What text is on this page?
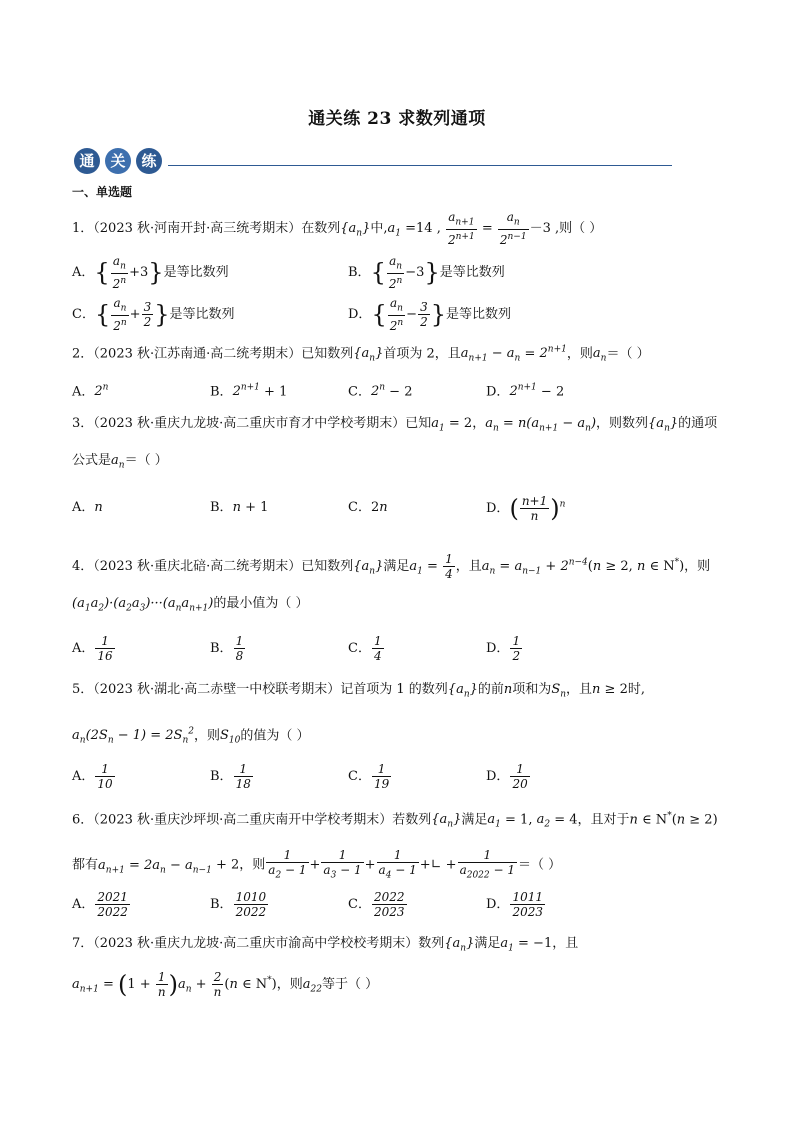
通关练 23 求数列通项
通 关 练
一、单选题
1．（2023 秋·河南开封·高三统考期末）在数列$\{a_n\}$中$,a_1 =14$ , $\frac{a_{n+1}}{2^{n+1}} = \frac{a_n}{2^{n-1}} -3$ ,则（ ）
A．{ $\frac{a_n}{2^n} +3$}是等比数列	B．{ $\frac{a_n}{2^n} -3$}是等比数列
C．{ $\frac{a_n}{2^n} + \frac{3}{2}$ }是等比数列	D．{ $\frac{a_n}{2^n} - \frac{3}{2}$ }是等比数列
2．（2023 秋·江苏南通·高二统考期末）已知数列$\{a_n\}$首项为 2，且$a_{n+1} - a_n = 2^{n+1}$，则$a_n=$（ ）
A．2$^n$	B．$2^{n+1} + 1$	C．$2^n - 2$	D．$2^{n+1} - 2$
3．（2023 秋·重庆九龙坡·高二重庆市育才中学校考期末）已知$a_1 = 2$，$a_n = n(a_{n+1} - a_n)$，则数列$\{a_n\}$的通项
公式是$a_n=$（ ）
A．n	B．n + 1	C．2n	D．( $\frac{n+1}{n} )^n$
4．（2023 秋·重庆北碚·高二统考期末）已知数列$\{a_n\}$满足$a_1 = \frac{1}{4}$ ，且$a_n = a_{n-1} + 2^{n-4}(n \ge 2$, n ∈ N*)，则
$(a_1a_2)\cdot(a_2a_3)\cdot\cdot\cdot(a_na_{n+1})$的最小值为（ ）
A． $\frac{1}{16}$	B． $\frac{1}{8}$	C． $\frac{1}{4}$	D． $\frac{1}{2}$
5．（2023 秋·湖北·高二赤壁一中校联考期末）记首项为 1 的数列$\{a_n\}$的前n项和为$S_n$，且n ≥ 2时,
$a_n(2S_n - 1) = 2S_n^2$，则$S_{10}$的值为（ ）
A． $\frac{1}{10}$	B． $\frac{1}{18}$	C． $\frac{1}{19}$	D． $\frac{1}{20}$
6．（2023 秋·重庆沙坪坝·高二重庆南开中学校考期末）若数列$\{a_n\}$满足$a_1 = 1$, $a_2 = 4$，且对于n ∈ N*(n ≥ 2)
都有$a_{n+1} = 2a_n - a_{n-1} + 2$，则 $\frac{1}{a_2 - 1} + \frac{1}{a_3 - 1} + \frac{1}{a_4 - 1}$ +∟ + $\frac{1}{a_{2022} - 1}$ ＝（ ）
A． $\frac{2021}{2022}$	B． $\frac{1010}{2022}$	C． $\frac{2022}{2023}$	D． $\frac{1011}{2023}$
7．（2023 秋·重庆九龙坡·高二重庆市渝高中学校校考期末）数列$\{a_n\}$满足$a_1 = -1$，且
$a_{n+1} = (1 + \frac{1}{n} )a_n + \frac{2}{n} (n$ ∈ N*)，则$a_{22}$等于（ ）
